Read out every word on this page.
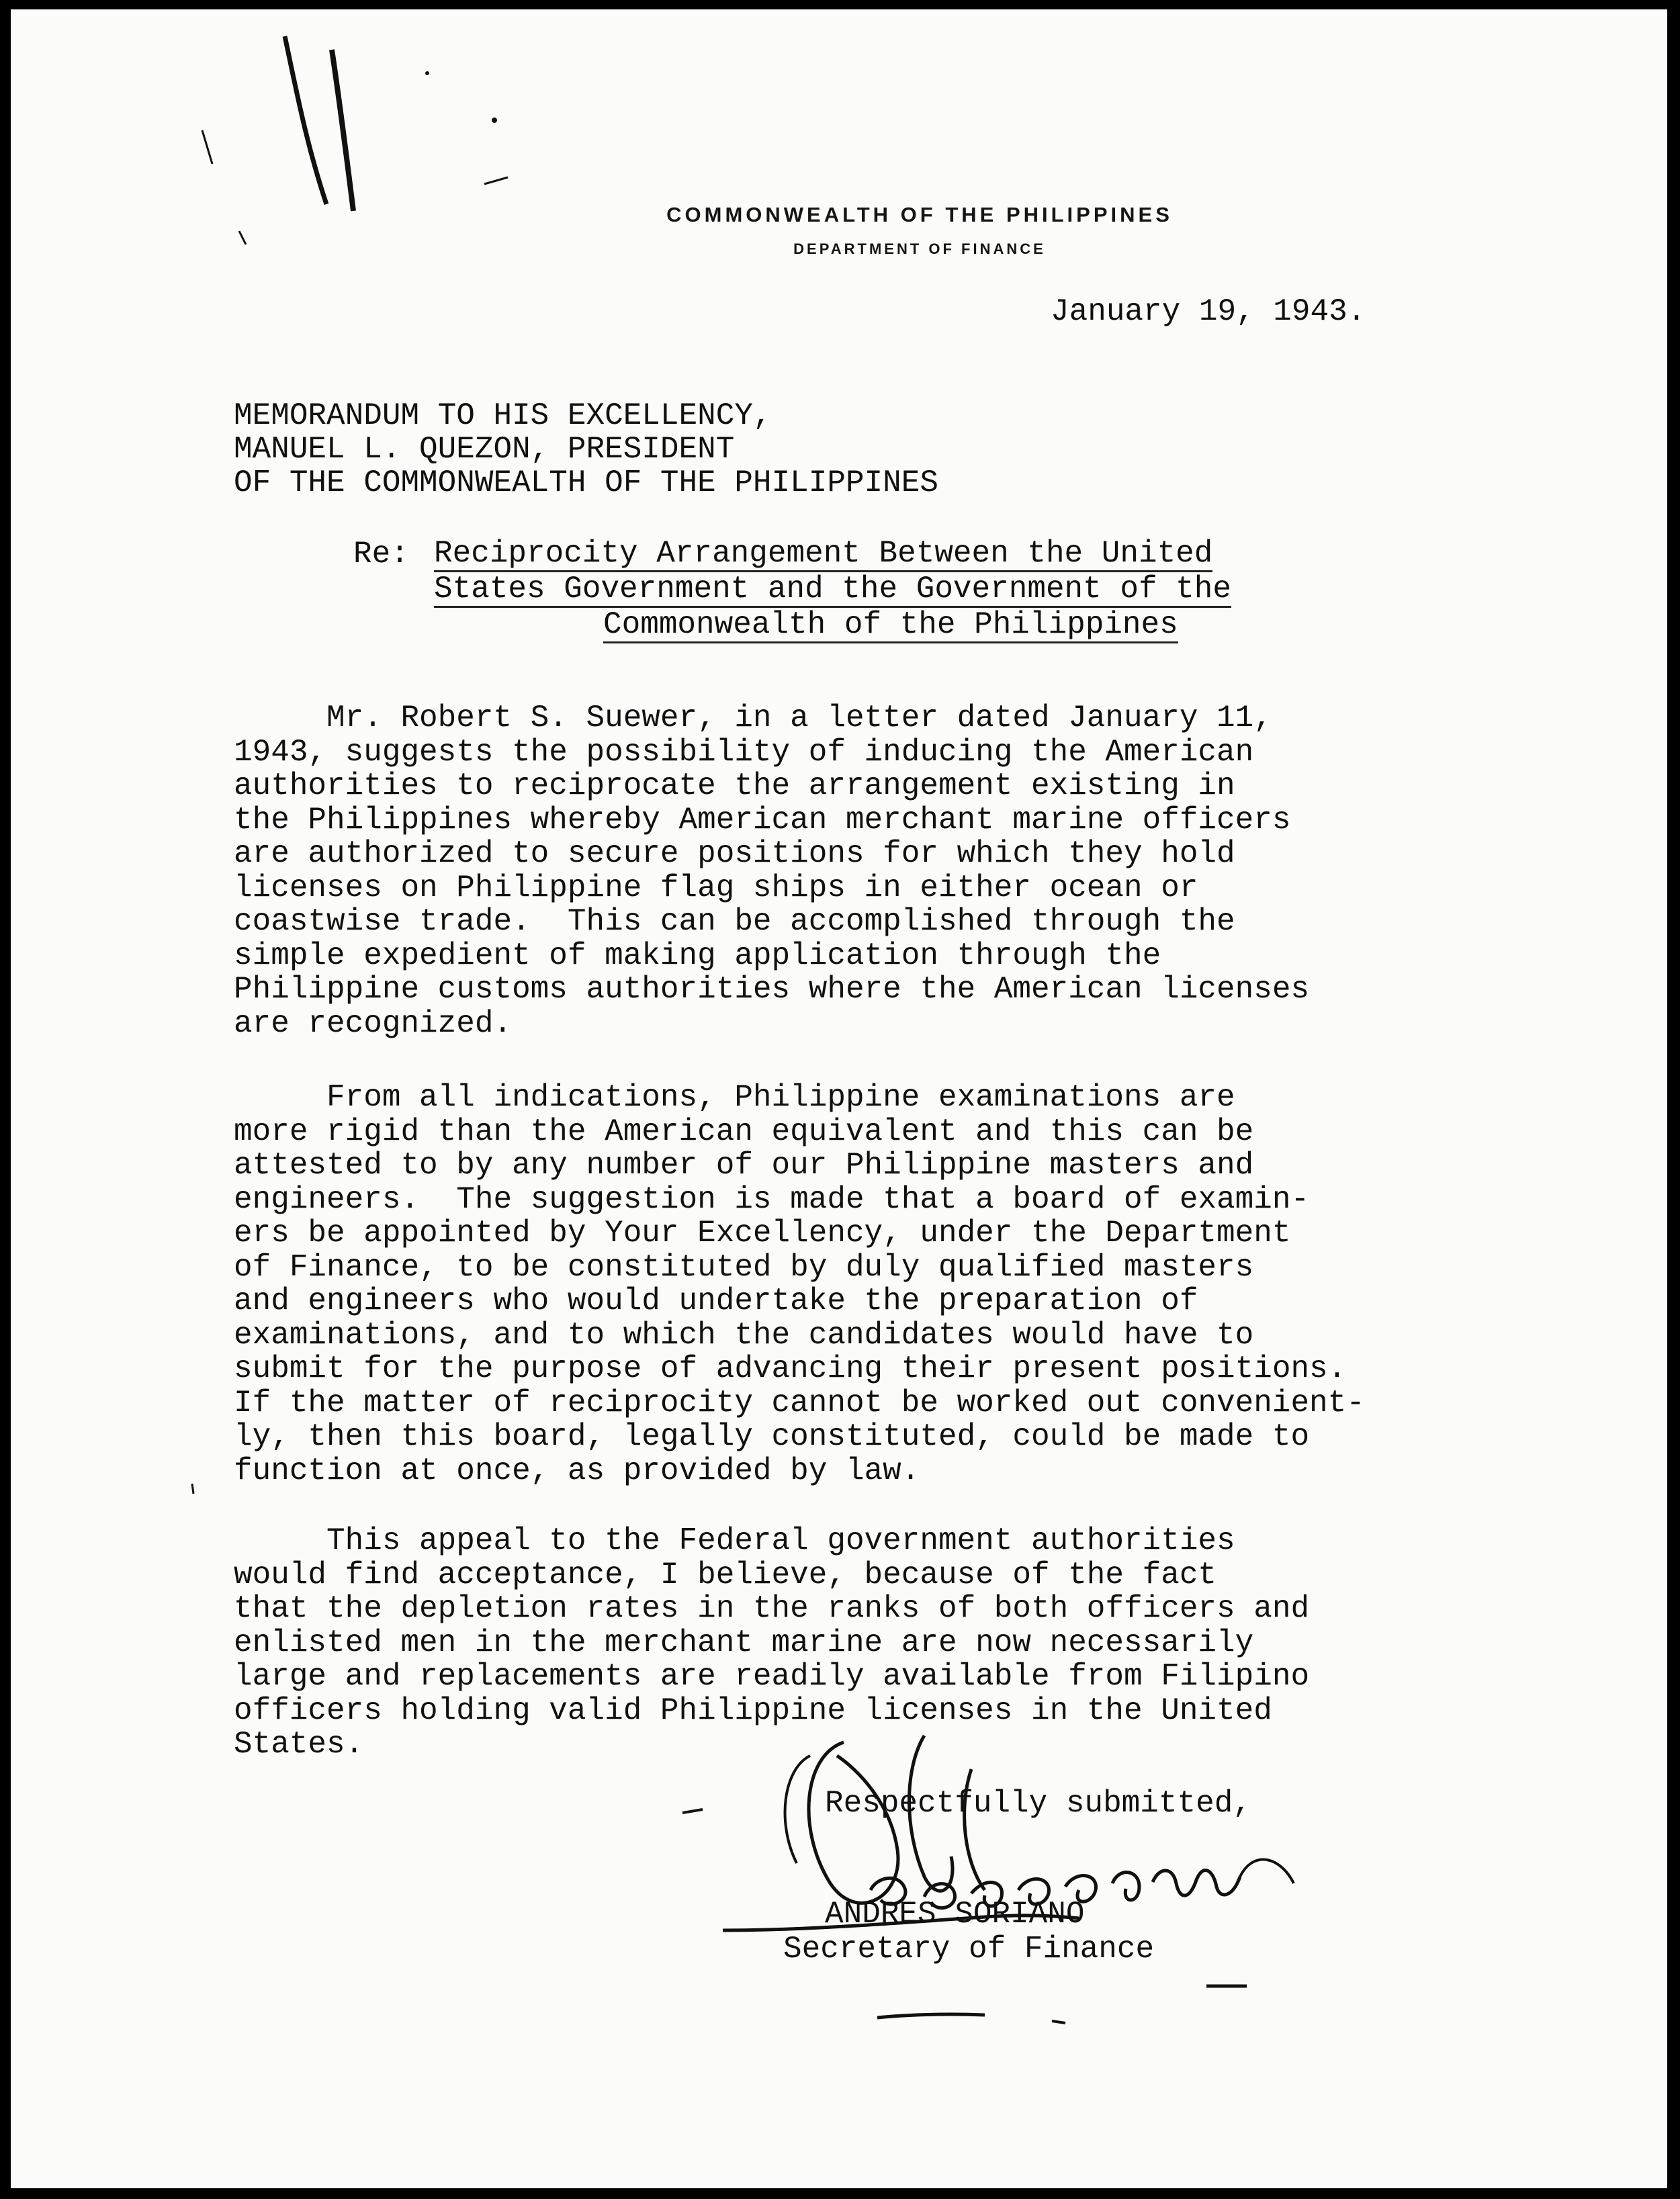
COMMONWEALTH OF THE PHILIPPINES
DEPARTMENT OF FINANCE
January 19, 1943.
MEMORANDUM TO HIS EXCELLENCY,
MANUEL L. QUEZON, PRESIDENT
OF THE COMMONWEALTH OF THE PHILIPPINES
Re: Reciprocity Arrangement Between the United
States Government and the Government of the
Commonwealth of the Philippines
Mr. Robert S. Suewer, in a letter dated January 11,
1943, suggests the possibility of inducing the American
authorities to reciprocate the arrangement existing in
the Philippines whereby American merchant marine officers
are authorized to secure positions for which they hold
licenses on Philippine flag ships in either ocean or
coastwise trade.  This can be accomplished through the
simple expedient of making application through the
Philippine customs authorities where the American licenses
are recognized.
From all indications, Philippine examinations are
more rigid than the American equivalent and this can be
attested to by any number of our Philippine masters and
engineers.  The suggestion is made that a board of examin-
ers be appointed by Your Excellency, under the Department
of Finance, to be constituted by duly qualified masters
and engineers who would undertake the preparation of
examinations, and to which the candidates would have to
submit for the purpose of advancing their present positions.
If the matter of reciprocity cannot be worked out convenient-
ly, then this board, legally constituted, could be made to
function at once, as provided by law.
This appeal to the Federal government authorities
would find acceptance, I believe, because of the fact
that the depletion rates in the ranks of both officers and
enlisted men in the merchant marine are now necessarily
large and replacements are readily available from Filipino
officers holding valid Philippine licenses in the United
States.
Respectfully submitted,
ANDRES SORIANO
Secretary of Finance
